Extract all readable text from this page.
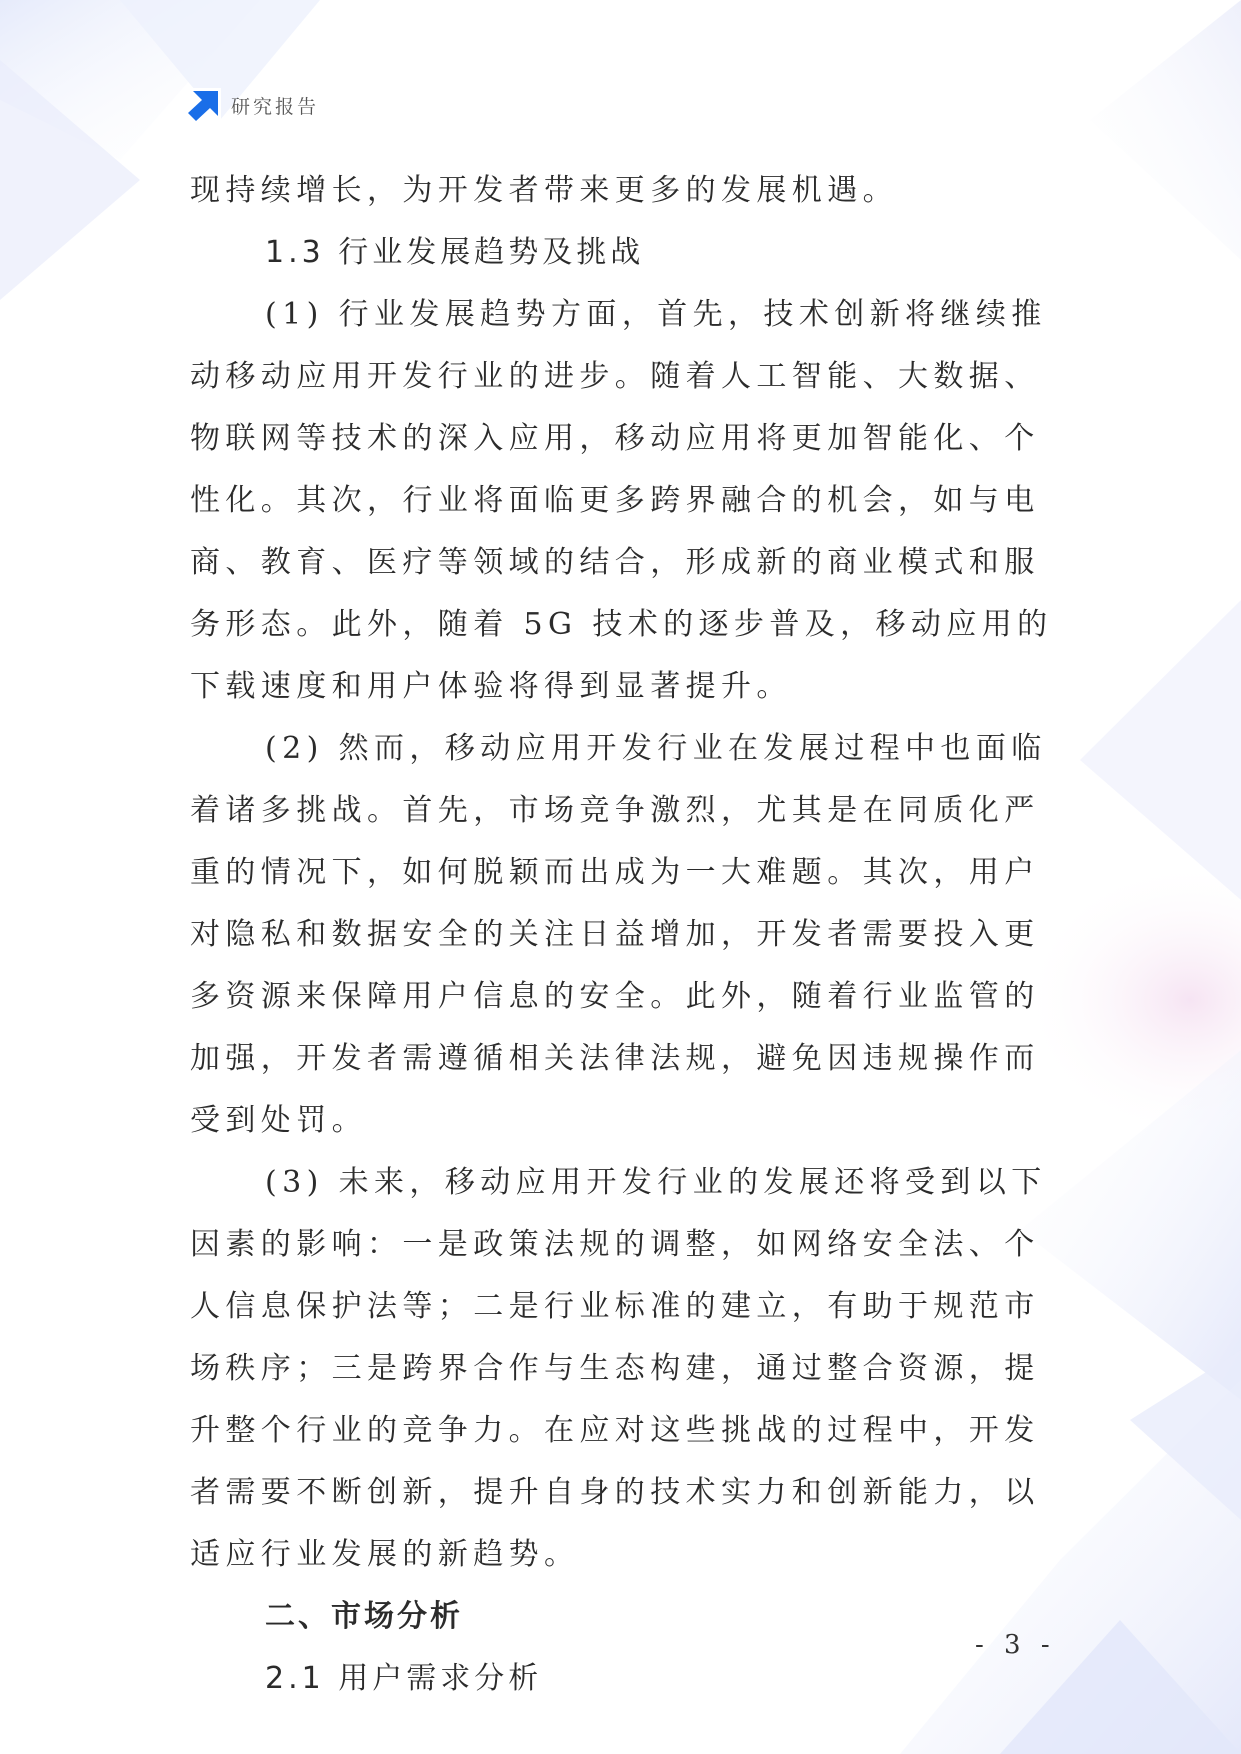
研究报告

现持续增长，为开发者带来更多的发展机遇。

1.3 行业发展趋势及挑战

(1) 行业发展趋势方面，首先，技术创新将继续推动移动应用开发行业的进步。随着人工智能、大数据、物联网等技术的深入应用，移动应用将更加智能化、个性化。其次，行业将面临更多跨界融合的机会，如与电商、教育、医疗等领域的结合，形成新的商业模式和服务形态。此外，随着 5G 技术的逐步普及，移动应用的下载速度和用户体验将得到显著提升。

(2) 然而，移动应用开发行业在发展过程中也面临着诸多挑战。首先，市场竞争激烈，尤其是在同质化严重的情况下，如何脱颖而出成为一大难题。其次，用户对隐私和数据安全的关注日益增加，开发者需要投入更多资源来保障用户信息的安全。此外，随着行业监管的加强，开发者需遵循相关法律法规，避免因违规操作而受到处罚。

(3) 未来，移动应用开发行业的发展还将受到以下因素的影响：一是政策法规的调整，如网络安全法、个人信息保护法等；二是行业标准的建立，有助于规范市场秩序；三是跨界合作与生态构建，通过整合资源，提升整个行业的竞争力。在应对这些挑战的过程中，开发者需要不断创新，提升自身的技术实力和创新能力，以适应行业发展的新趋势。

二、市场分析
2.1 用户需求分析
- 3 -
